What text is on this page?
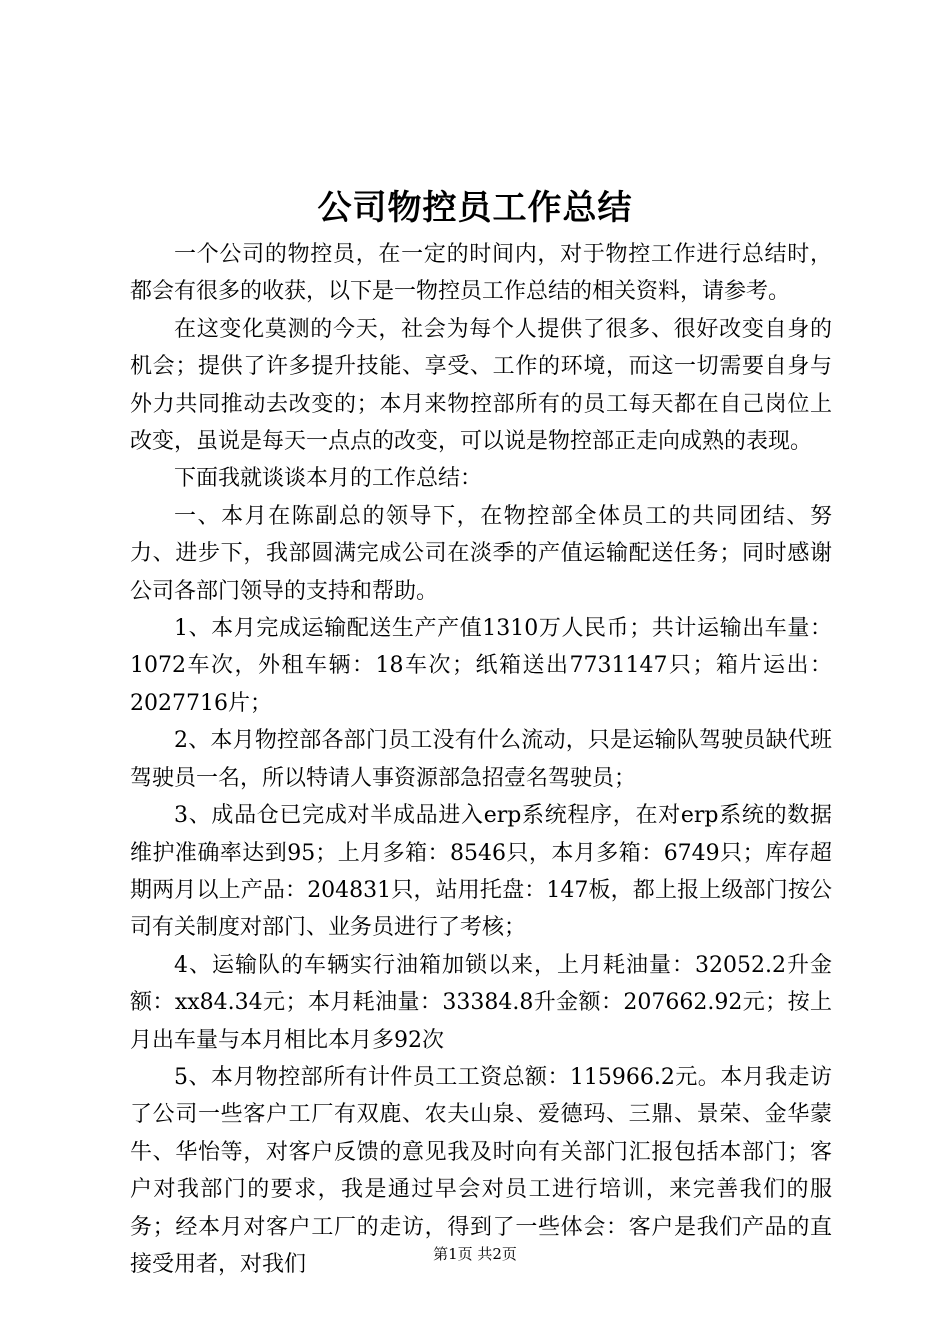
公司物控员工作总结

一个公司的物控员，在一定的时间内，对于物控工作进行总结时，都会有很多的收获，以下是一物控员工作总结的相关资料，请参考。

在这变化莫测的今天，社会为每个人提供了很多、很好改变自身的机会；提供了许多提升技能、享受、工作的环境，而这一切需要自身与外力共同推动去改变的；本月来物控部所有的员工每天都在自己岗位上改变，虽说是每天一点点的改变，可以说是物控部正走向成熟的表现。

下面我就谈谈本月的工作总结：

一、本月在陈副总的领导下，在物控部全体员工的共同团结、努力、进步下，我部圆满完成公司在淡季的产值运输配送任务；同时感谢公司各部门领导的支持和帮助。

1、本月完成运输配送生产产值1310万人民币；共计运输出车量：1072车次，外租车辆：18车次；纸箱送出7731147只；箱片运出：2027716片；

2、本月物控部各部门员工没有什么流动，只是运输队驾驶员缺代班驾驶员一名，所以特请人事资源部急招壹名驾驶员；

3、成品仓已完成对半成品进入erp系统程序，在对erp系统的数据维护准确率达到95；上月多箱：8546只，本月多箱：6749只；库存超期两月以上产品：204831只，站用托盘：147板，都上报上级部门按公司有关制度对部门、业务员进行了考核；

4、运输队的车辆实行油箱加锁以来，上月耗油量：32052.2升金额：xx84.34元；本月耗油量：33384.8升金额：207662.92元；按上月出车量与本月相比本月多92次

5、本月物控部所有计件员工工资总额：115966.2元。本月我走访了公司一些客户工厂有双鹿、农夫山泉、爱德玛、三鼎、景荣、金华蒙牛、华怡等，对客户反馈的意见我及时向有关部门汇报包括本部门；客户对我部门的要求，我是通过早会对员工进行培训，来完善我们的服务；经本月对客户工厂的走访，得到了一些体会：客户是我们产品的直接受用者，对我们	第1页 共2页
